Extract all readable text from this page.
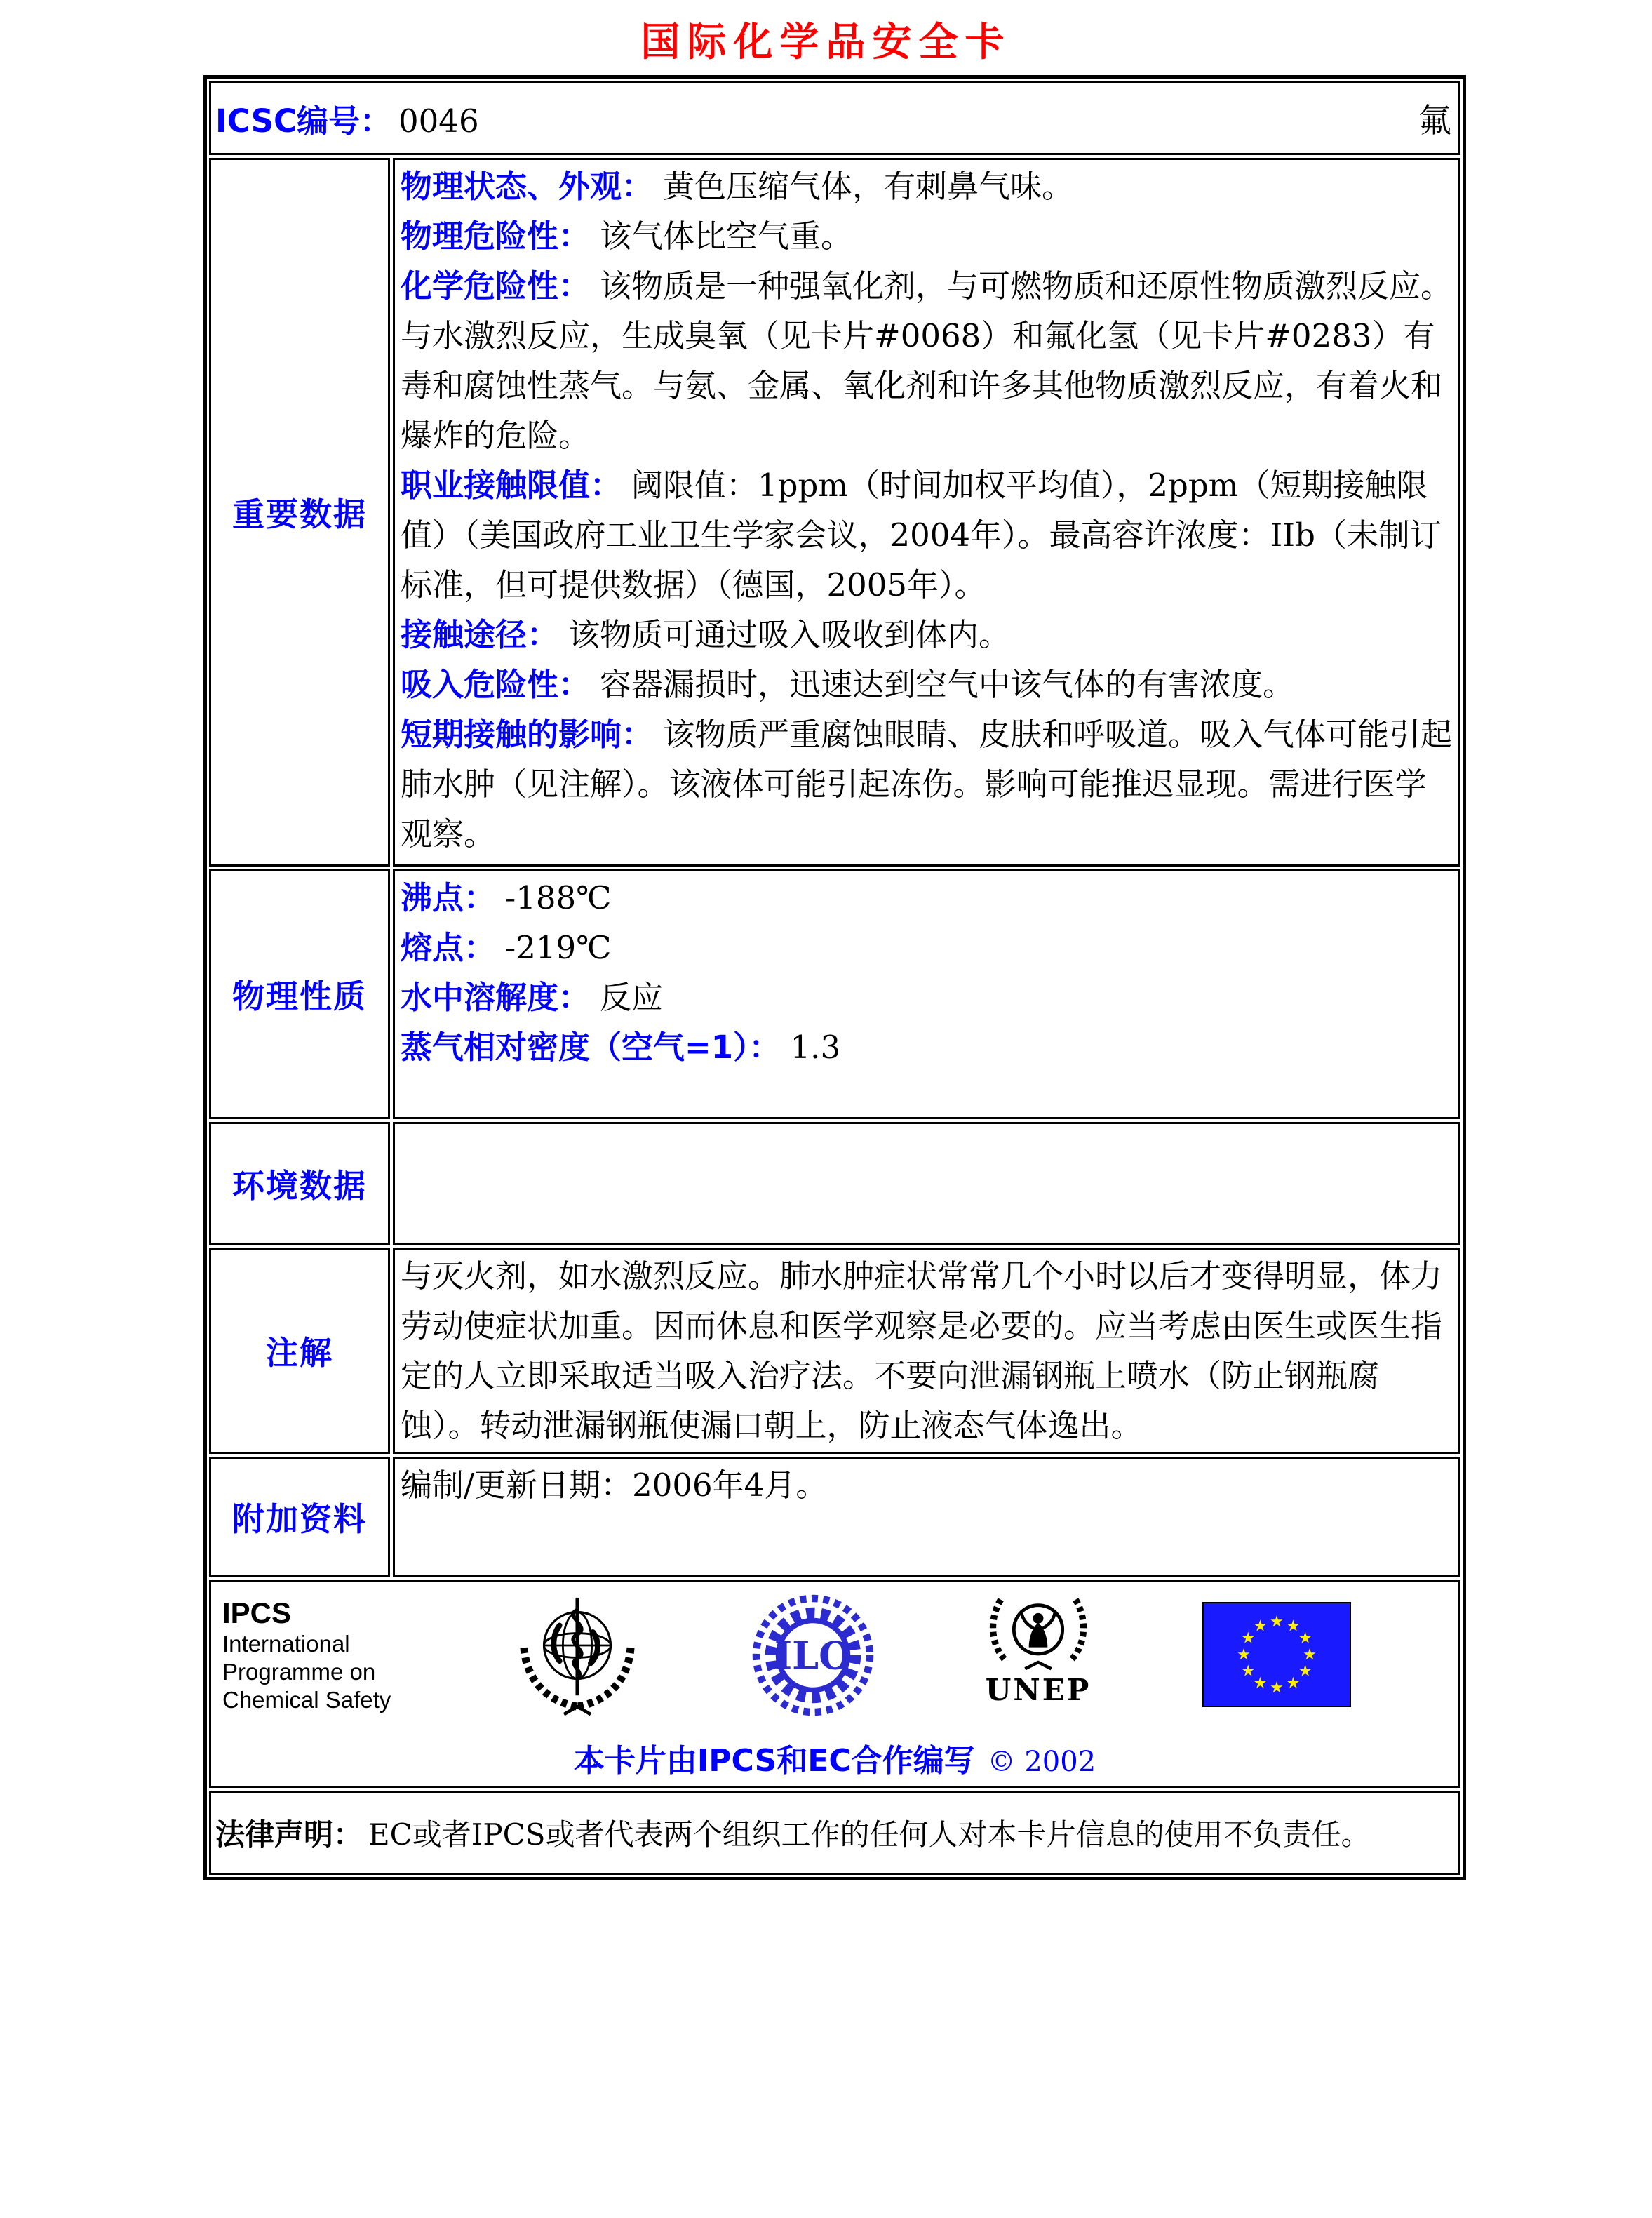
国际化学品安全卡
ICSC编号： 0046	氟
重要数据

物理状态、外观： 黄色压缩气体，有刺鼻气味。

物理危险性： 该气体比空气重。

化学危险性： 该物质是一种强氧化剂，与可燃物质和还原性物质激烈反应。与水激烈反应，生成臭氧（见卡片#0068）和氟化氢（见卡片#0283）有毒和腐蚀性蒸气。与氨、金属、氧化剂和许多其他物质激烈反应，有着火和爆炸的危险。

职业接触限值： 阈限值：1ppm（时间加权平均值），2ppm（短期接触限值）（美国政府工业卫生学家会议，2004年）。最高容许浓度：IIb（未制订标准，但可提供数据）（德国，2005年）。

接触途径： 该物质可通过吸入吸收到体内。

吸入危险性： 容器漏损时，迅速达到空气中该气体的有害浓度。

短期接触的影响： 该物质严重腐蚀眼睛、皮肤和呼吸道。吸入气体可能引起肺水肿（见注解）。该液体可能引起冻伤。影响可能推迟显现。需进行医学观察。

物理性质

沸点： -188℃

熔点： -219℃

水中溶解度： 反应

蒸气相对密度（空气=1）： 1.3

环境数据
注解

与灭火剂，如水激烈反应。肺水肿症状常常几个小时以后才变得明显，体力劳动使症状加重。因而休息和医学观察是必要的。应当考虑由医生或医生指定的人立即采取适当吸入治疗法。不要向泄漏钢瓶上喷水（防止钢瓶腐蚀）。转动泄漏钢瓶使漏口朝上，防止液态气体逸出。

附加资料

编制/更新日期：2006年4月。

IPCS
International
Programme on
Chemical Safety
ILO
UNEP
本卡片由IPCS和EC合作编写 © 2002
法律声明： EC或者IPCS或者代表两个组织工作的任何人对本卡片信息的使用不负责任。
